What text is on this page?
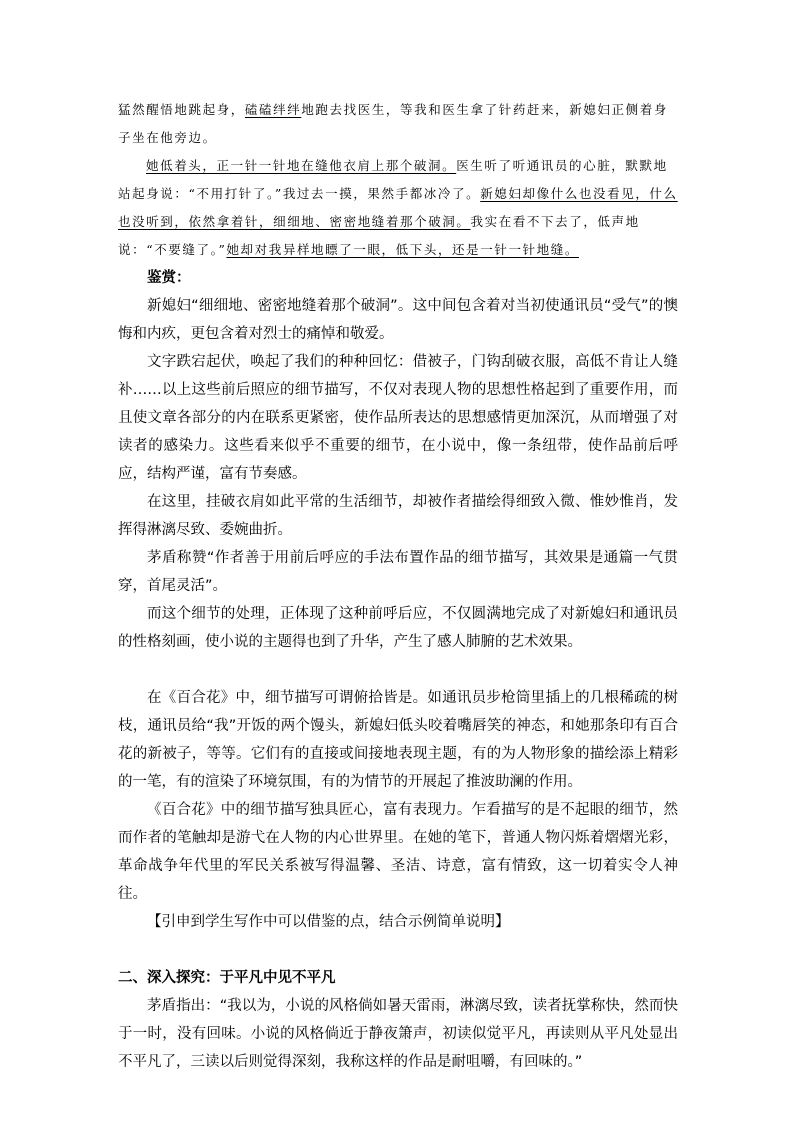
猛然醒悟地跳起身，磕磕绊绊地跑去找医生，等我和医生拿了针药赶来，新媳妇正侧着身子坐在他旁边。

她低着头，正一针一针地在缝他衣肩上那个破洞。医生听了听通讯员的心脏，默默地站起身说：“不用打针了。”我过去一摸，果然手都冰冷了。新媳妇却像什么也没看见，什么也没听到，依然拿着针，细细地、密密地缝着那个破洞。我实在看不下去了，低声地说：“不要缝了。”她却对我异样地瞟了一眼，低下头，还是一针一针地缝。

鉴赏：

新媳妇“细细地、密密地缝着那个破洞”。这中间包含着对当初使通讯员“受气”的懊悔和内疚，更包含着对烈士的痛悼和敬爱。

文字跌宕起伏，唤起了我们的种种回忆：借被子，门钩刮破衣服，高低不肯让人缝补……以上这些前后照应的细节描写，不仅对表现人物的思想性格起到了重要作用，而且使文章各部分的内在联系更紧密，使作品所表达的思想感情更加深沉，从而增强了对读者的感染力。这些看来似乎不重要的细节，在小说中，像一条纽带，使作品前后呼应，结构严谨，富有节奏感。

在这里，挂破衣肩如此平常的生活细节，却被作者描绘得细致入微、惟妙惟肖，发挥得淋漓尽致、委婉曲折。

茅盾称赞“作者善于用前后呼应的手法布置作品的细节描写，其效果是通篇一气贯穿，首尾灵活”。

而这个细节的处理，正体现了这种前呼后应，不仅圆满地完成了对新媳妇和通讯员的性格刻画，使小说的主题得也到了升华，产生了感人肺腑的艺术效果。

在《百合花》中，细节描写可谓俯拾皆是。如通讯员步枪筒里插上的几根稀疏的树枝，通讯员给“我”开饭的两个馒头，新媳妇低头咬着嘴唇笑的神态，和她那条印有百合花的新被子，等等。它们有的直接或间接地表现主题，有的为人物形象的描绘添上精彩的一笔，有的渲染了环境氛围，有的为情节的开展起了推波助澜的作用。

《百合花》中的细节描写独具匠心，富有表现力。乍看描写的是不起眼的细节，然而作者的笔触却是游弋在人物的内心世界里。在她的笔下，普通人物闪烁着熠熠光彩，革命战争年代里的军民关系被写得温馨、圣洁、诗意，富有情致，这一切着实令人神往。

【引申到学生写作中可以借鉴的点，结合示例简单说明】

二、深入探究：于平凡中见不平凡

茅盾指出：“我以为，小说的风格倘如暑天雷雨，淋漓尽致，读者抚掌称快，然而快于一时，没有回味。小说的风格倘近于静夜箫声，初读似觉平凡，再读则从平凡处显出不平凡了，三读以后则觉得深刻，我称这样的作品是耐咀嚼，有回味的。”
